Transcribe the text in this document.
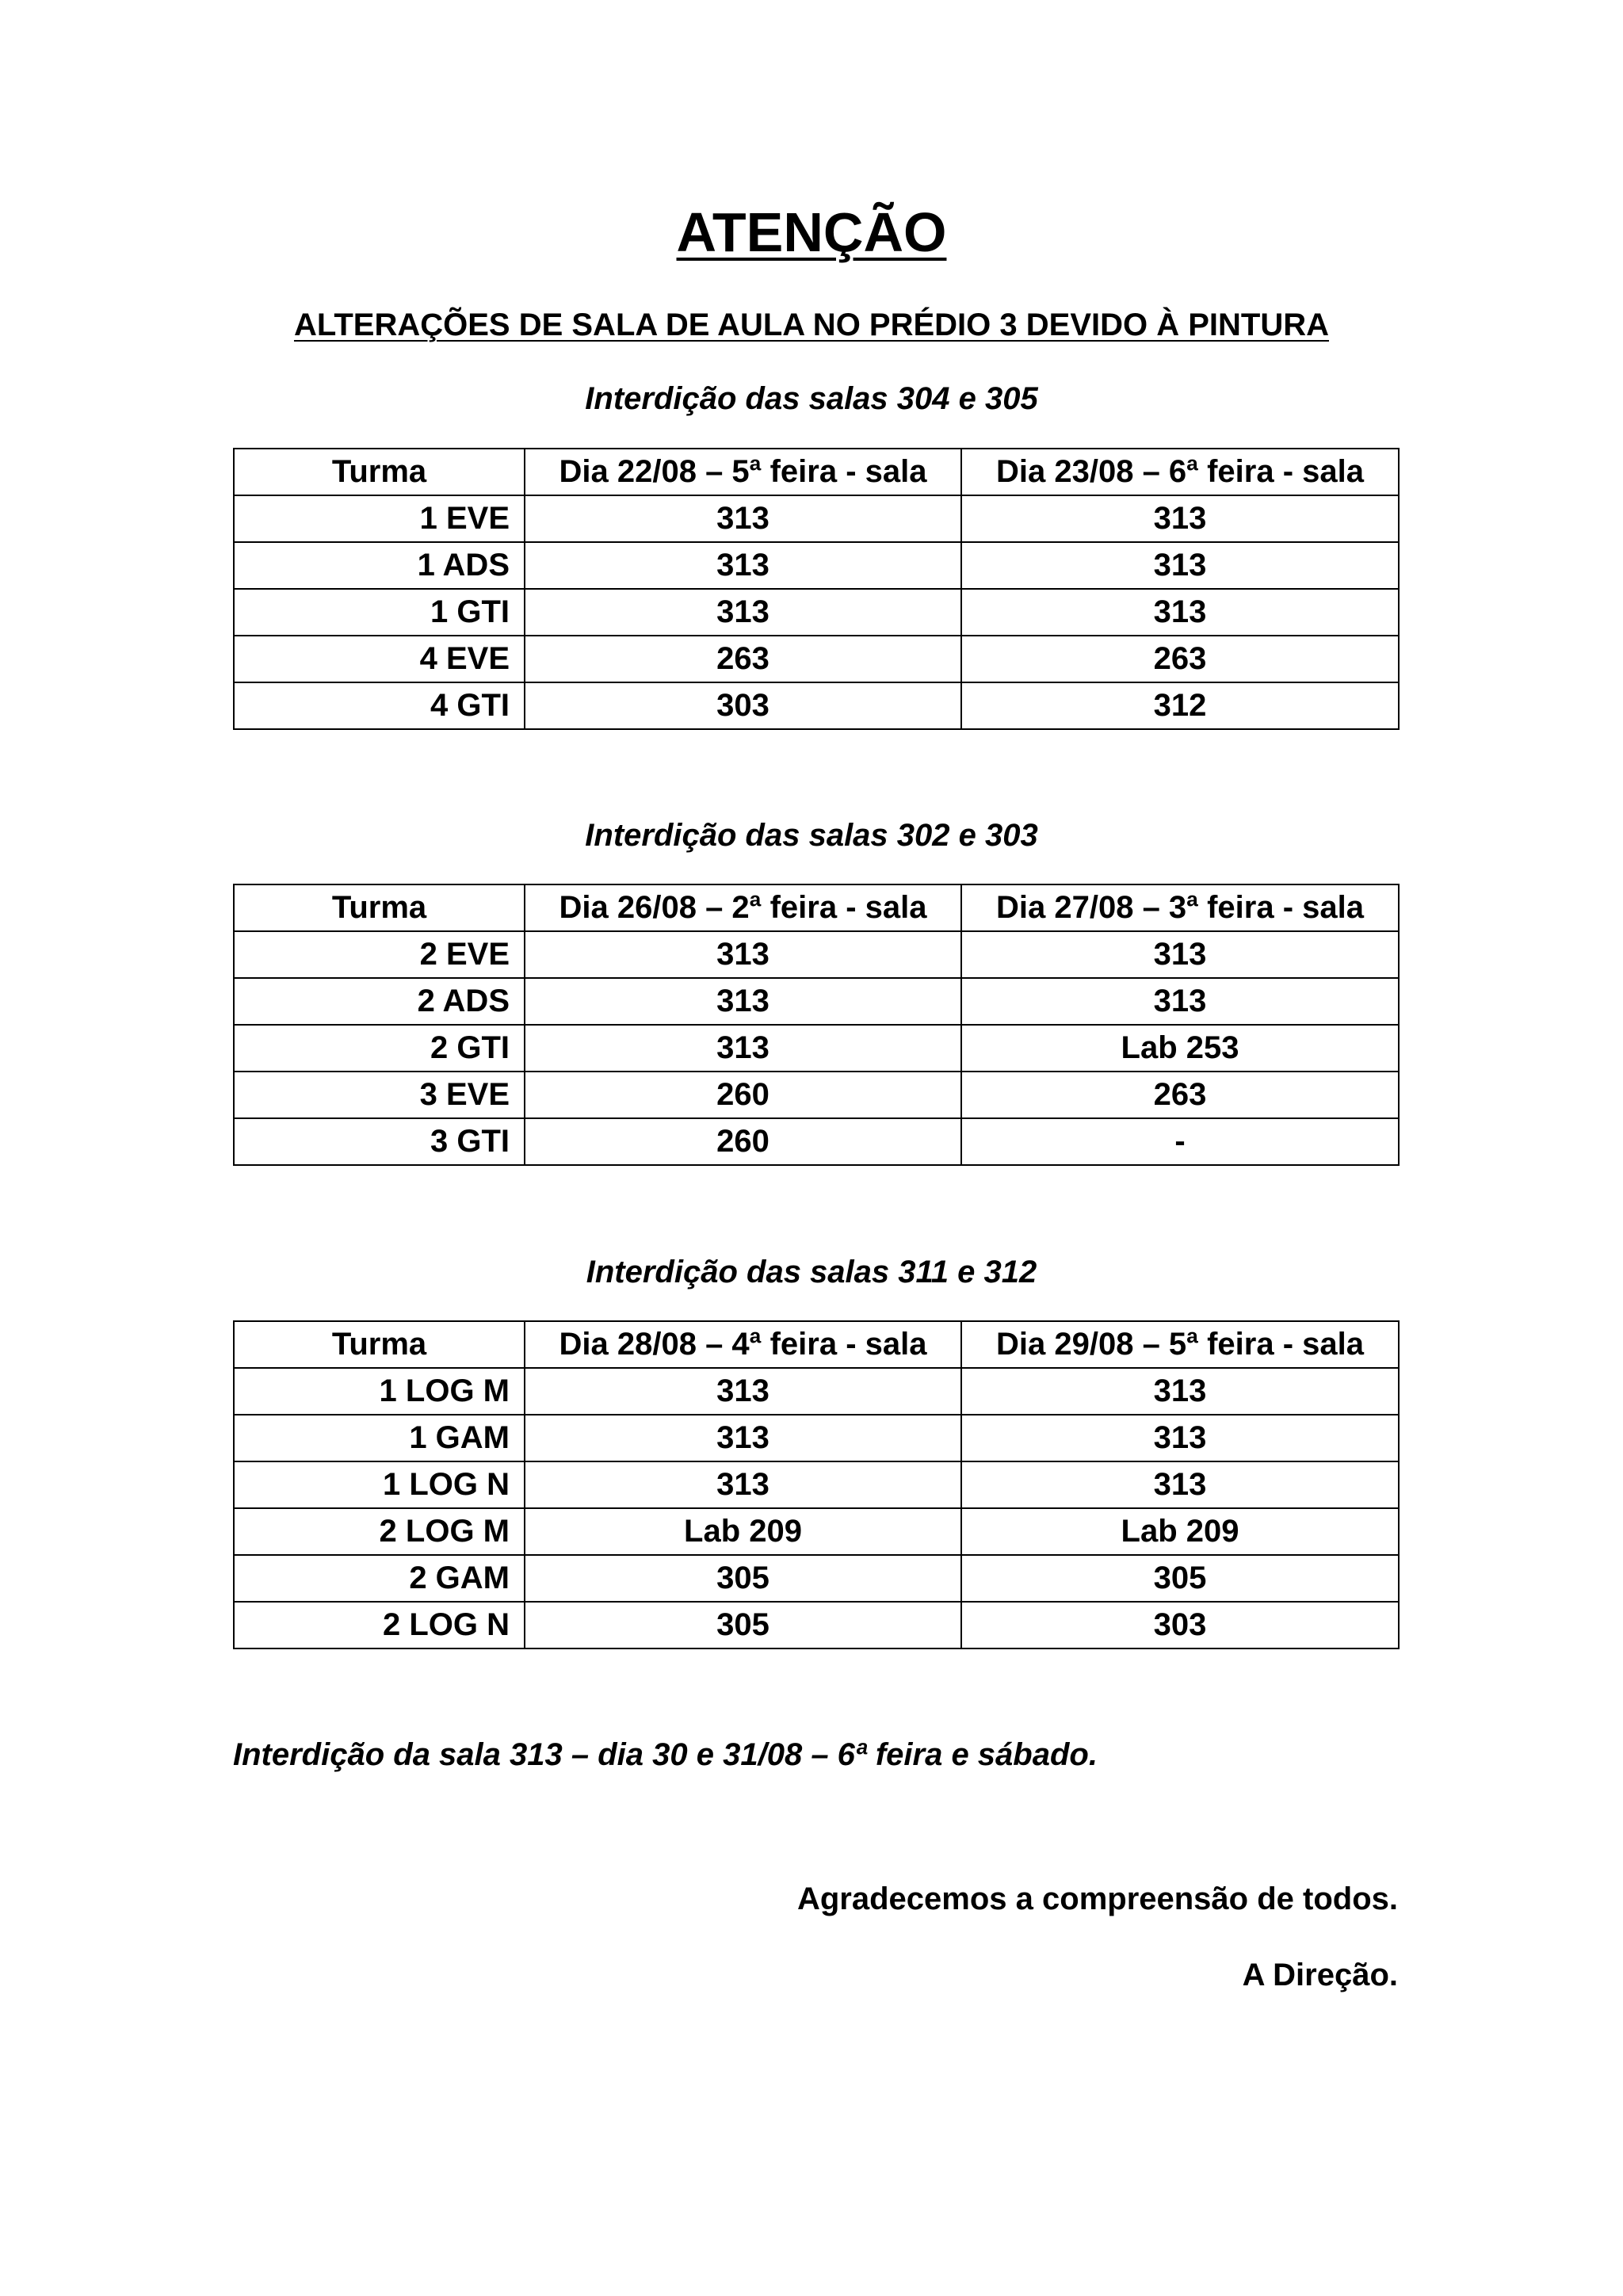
ATENÇÃO
ALTERAÇÕES DE SALA DE AULA NO PRÉDIO 3 DEVIDO À PINTURA
Interdição das salas 304 e 305
Turma	Dia 22/08 – 5ª feira - sala	Dia 23/08 – 6ª feira - sala
1 EVE	313	313
1 ADS	313	313
1 GTI	313	313
4 EVE	263	263
4 GTI	303	312
Interdição das salas 302 e 303
Turma	Dia 26/08 – 2ª feira - sala	Dia 27/08 – 3ª feira - sala
2 EVE	313	313
2 ADS	313	313
2 GTI	313	Lab 253
3 EVE	260	263
3 GTI	260	-
Interdição das salas 311 e 312
Turma	Dia 28/08 – 4ª feira - sala	Dia 29/08 – 5ª feira - sala
1 LOG M	313	313
1 GAM	313	313
1 LOG N	313	313
2 LOG M	Lab 209	Lab 209
2 GAM	305	305
2 LOG N	305	303
Interdição da sala 313 – dia 30 e 31/08 – 6ª feira e sábado.
Agradecemos a compreensão de todos.
A Direção.
